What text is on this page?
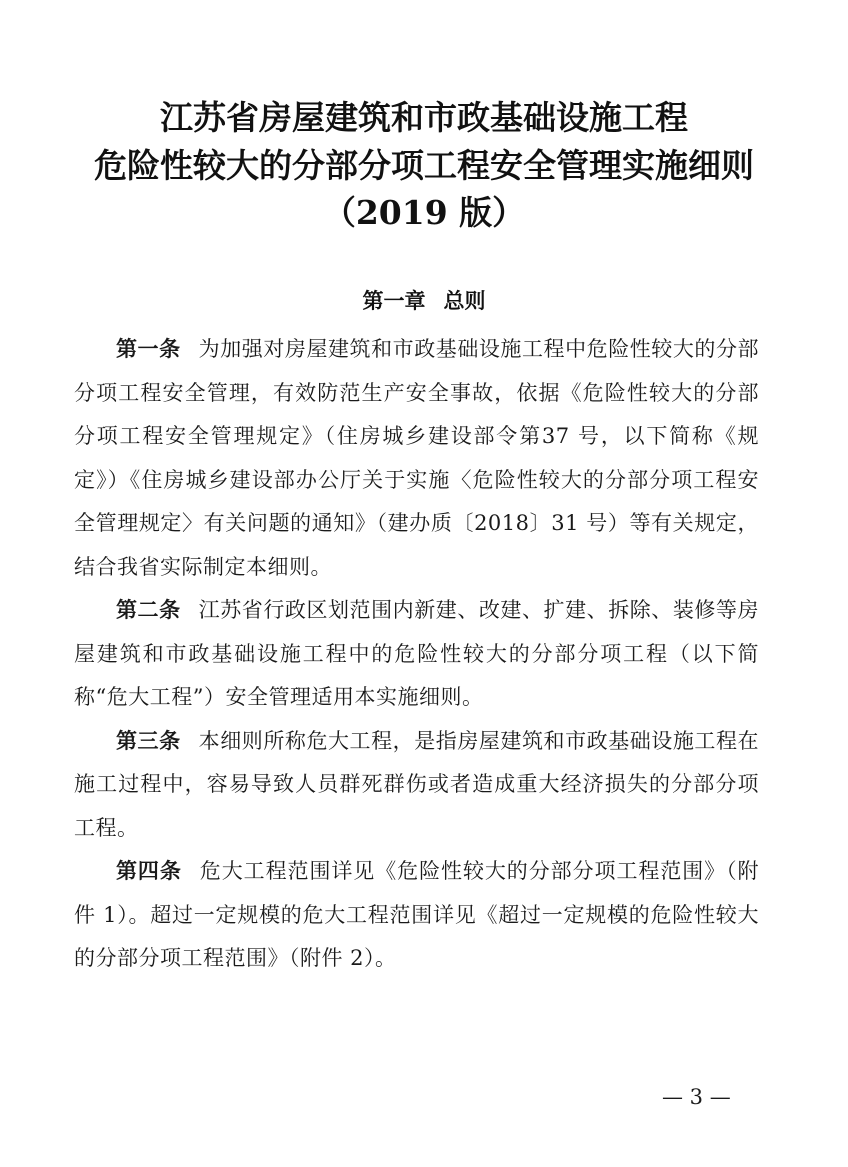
江苏省房屋建筑和市政基础设施工程
危险性较大的分部分项工程安全管理实施细则
（2019 版）
第一章 总则

第一条 为加强对房屋建筑和市政基础设施工程中危险性较大的分部分项工程安全管理，有效防范生产安全事故，依据《危险性较大的分部分项工程安全管理规定》（住房城乡建设部令第37 号，以下简称《规定》）《住房城乡建设部办公厅关于实施〈危险性较大的分部分项工程安全管理规定〉有关问题的通知》（建办质〔2018〕31 号）等有关规定，结合我省实际制定本细则。

第二条 江苏省行政区划范围内新建、改建、扩建、拆除、装修等房屋建筑和市政基础设施工程中的危险性较大的分部分项工程（以下简称“危大工程”）安全管理适用本实施细则。

第三条 本细则所称危大工程，是指房屋建筑和市政基础设施工程在施工过程中，容易导致人员群死群伤或者造成重大经济损失的分部分项工程。

第四条 危大工程范围详见《危险性较大的分部分项工程范围》（附件 1）。超过一定规模的危大工程范围详见《超过一定规模的危险性较大的分部分项工程范围》（附件 2）。

— 3 —
